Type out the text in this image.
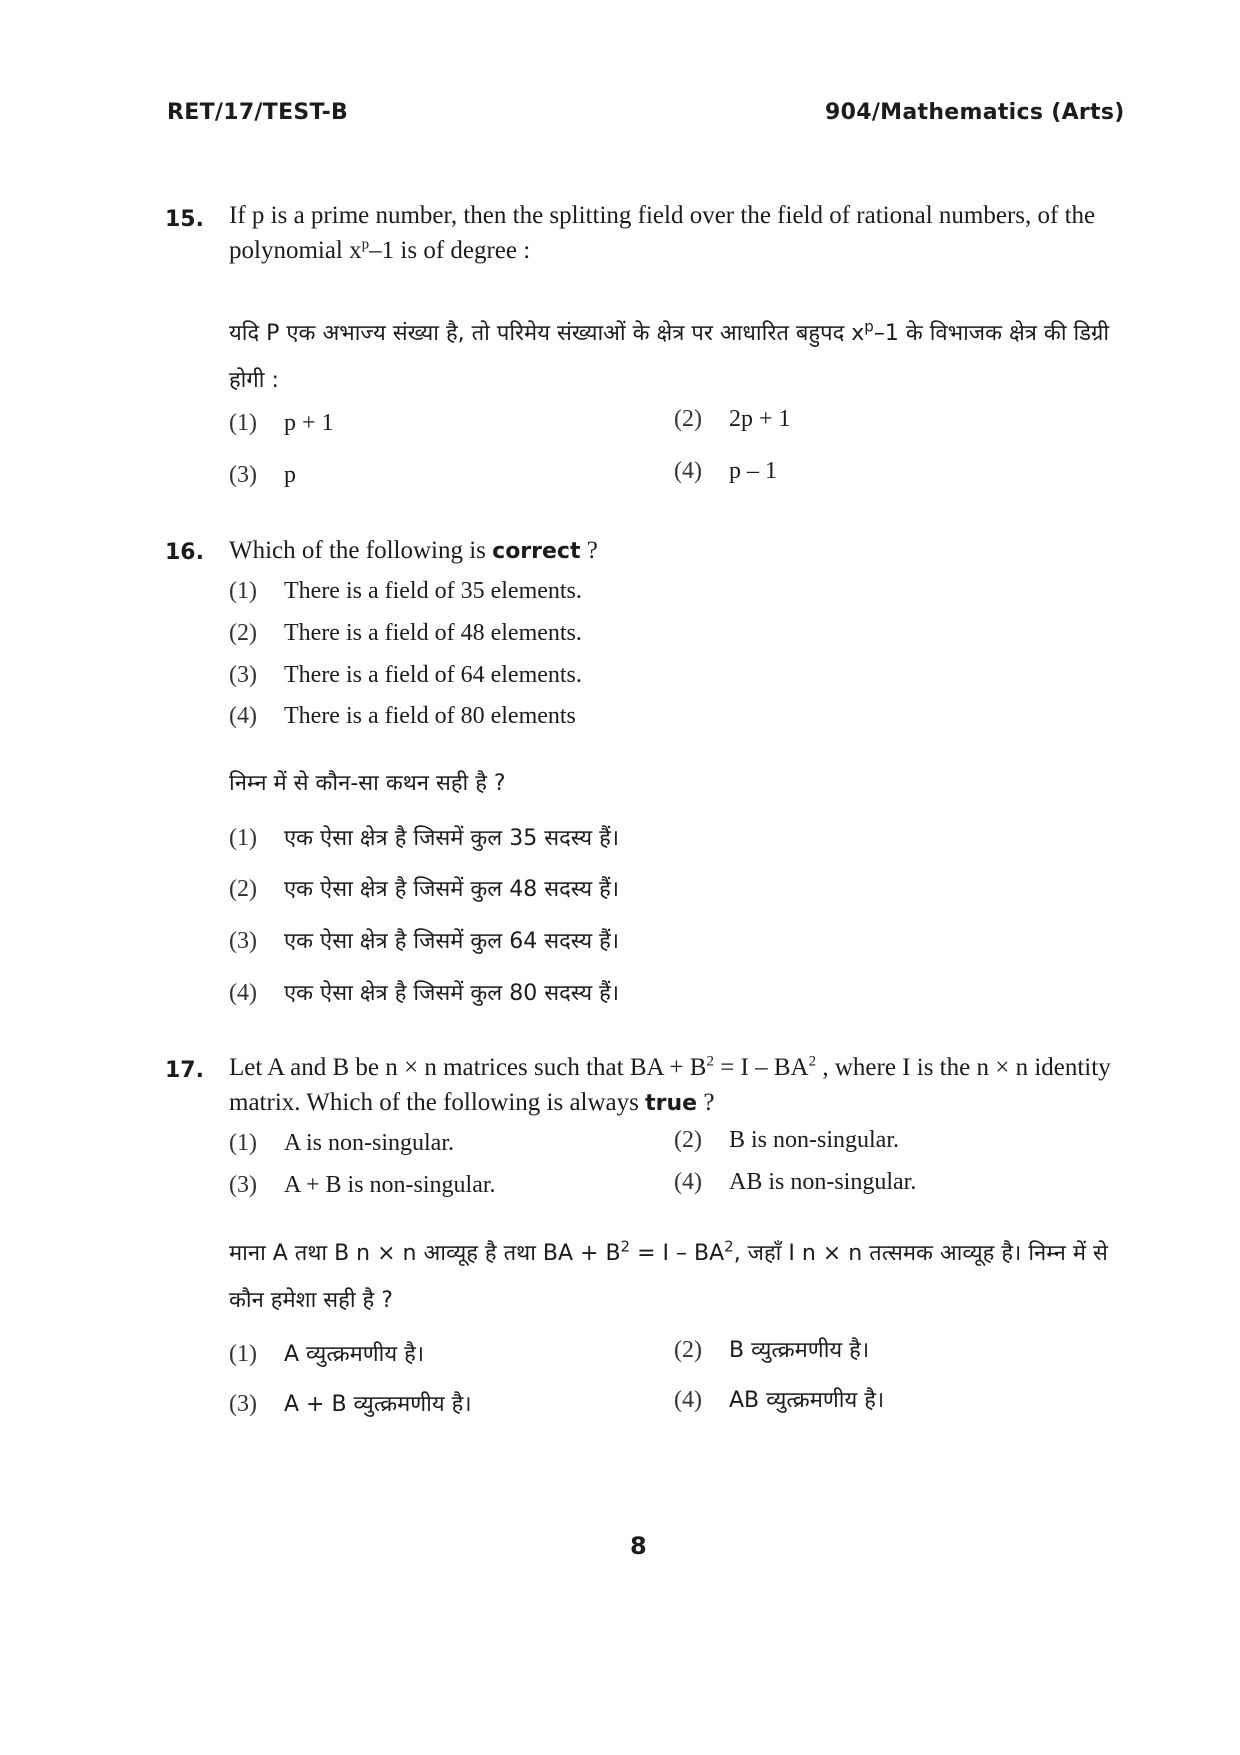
RET/17/TEST-B	904/Mathematics (Arts)
15. If p is a prime number, then the splitting field over the field of rational numbers, of the polynomial $x^p-1$ is of degree :
यदि P एक अभाज्य संख्या है, तो परिमेय संख्याओं के क्षेत्र पर आधारित बहुपद $x^p-1$ के विभाजक क्षेत्र की डिग्री होगी :
(1) p + 1	(2) 2p + 1
(3) p	(4) p – 1
16. Which of the following is correct ?
(1) There is a field of 35 elements.
(2) There is a field of 48 elements.
(3) There is a field of 64 elements.
(4) There is a field of 80 elements
निम्न में से कौन-सा कथन सही है ?
(1) एक ऐसा क्षेत्र है जिसमें कुल 35 सदस्य हैं।
(2) एक ऐसा क्षेत्र है जिसमें कुल 48 सदस्य हैं।
(3) एक ऐसा क्षेत्र है जिसमें कुल 64 सदस्य हैं।
(4) एक ऐसा क्षेत्र है जिसमें कुल 80 सदस्य हैं।
17. Let A and B be n × n matrices such that BA + $B^2 = I - BA^2$ , where I is the n × n identity matrix. Which of the following is always true ?
(1) A is non-singular.	(2) B is non-singular.
(3) A + B is non-singular.	(4) AB is non-singular.
माना A तथा B n × n आव्यूह है तथा BA + $B^2 = I - BA^2$, जहाँ I n × n तत्समक आव्यूह है। निम्न में से कौन हमेशा सही है ?
(1) A व्युत्क्रमणीय है।	(2) B व्युत्क्रमणीय है।
(3) A + B व्युत्क्रमणीय है।	(4) AB व्युत्क्रमणीय है।
8
